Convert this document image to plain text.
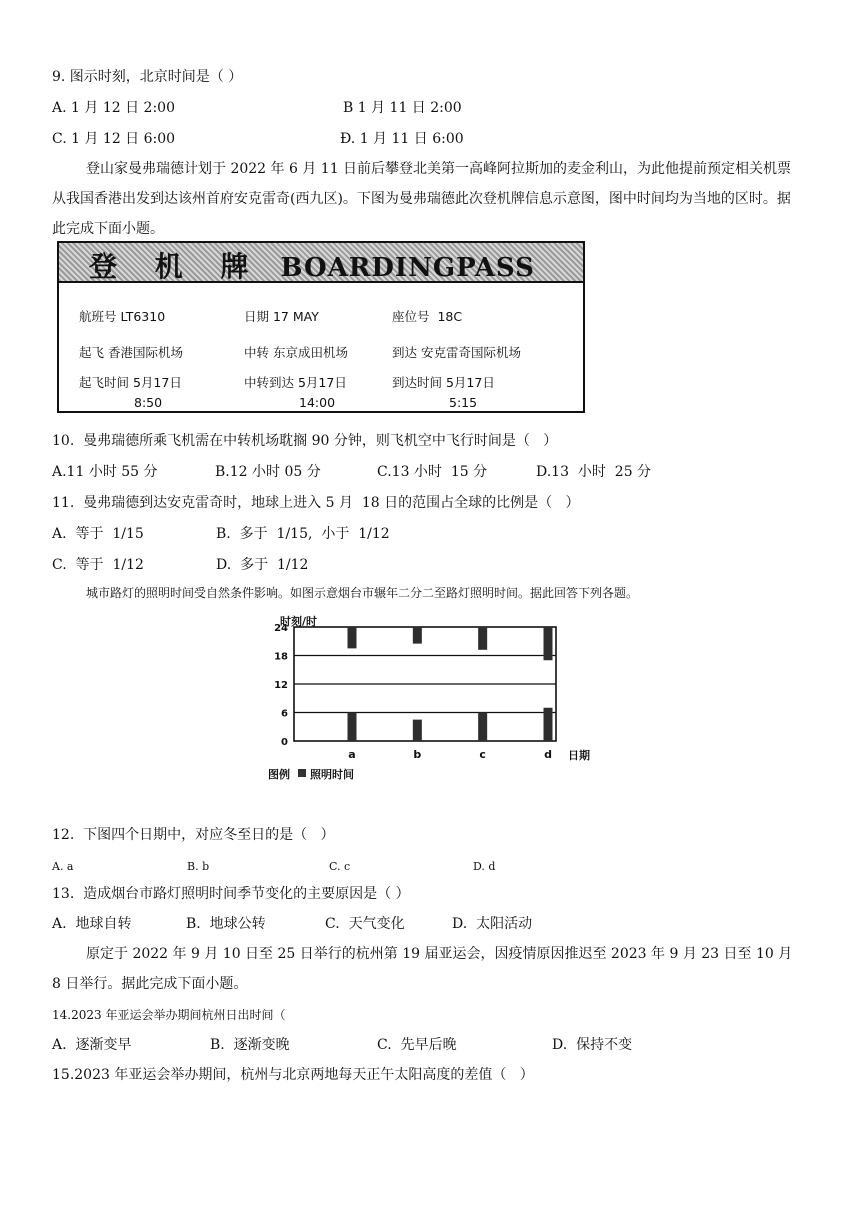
9. 图示时刻，北京时间是（ ）
A. 1 月 12 日 2:00	B 1 月 11 日 2:00
C. 1 月 12 日 6:00	Đ. 1 月 11 日 6:00
登山家曼弗瑞德计划于 2022 年 6 月 11 日前后攀登北美第一高峰阿拉斯加的麦金利山，为此他提前预定相关机票从我国香港出发到达该州首府安克雷奇(西九区)。下图为曼弗瑞德此次登机牌信息示意图，图中时间均为当地的区时。据此完成下面小题。
登 机 牌 BOARDINGPASS
航班号 LT6310	日期 17 MAY	座位号  18C
起飞 香港国际机场	中转 东京成田机场	到达 安克雷奇国际机场
起飞时间 5月17日	中转到达 5月17日	到达时间 5月17日
8:50	14:00	5:15
10.  曼弗瑞德所乘飞机需在中转机场耽搁 90 分钟，则飞机空中飞行时间是（   ）
A.11 小时 55 分	B.12 小时 05 分	C.13 小时  15 分	D.13  小时  25 分
11.  曼弗瑞德到达安克雷奇时，地球上进入 5 月  18 日的范围占全球的比例是（   ）
A.  等于  1/15	B.  多于  1/15,  小于  1/12
C.  等于  1/12	D.  多于  1/12
城市路灯的照明时间受自然条件影响。如图示意烟台市辗年二分二至路灯照明时间。据此回答下列各题。
时刻/时
0
6
12
18
24
a	b	c	d 日期
图例 照明时间
12.  下图四个日期中，对应冬至日的是（   ）
A. a	B. b	C. c	D. d
13.  造成烟台市路灯照明时间季节变化的主要原因是（ ）
A.  地球自转	B.  地球公转	C.  天气变化	D.  太阳活动
原定于 2022 年 9 月 10 日至 25 日举行的杭州第 19 届亚运会，因疫情原因推迟至 2023 年 9 月 23 日至 10 月 8 日举行。据此完成下面小题。
14.2023 年亚运会举办期间杭州日出时间（
A.  逐渐变早	B.  逐渐变晚	C.  先早后晚	D.  保持不变
15.2023 年亚运会举办期间，杭州与北京两地每天正午太阳高度的差值（   ）
